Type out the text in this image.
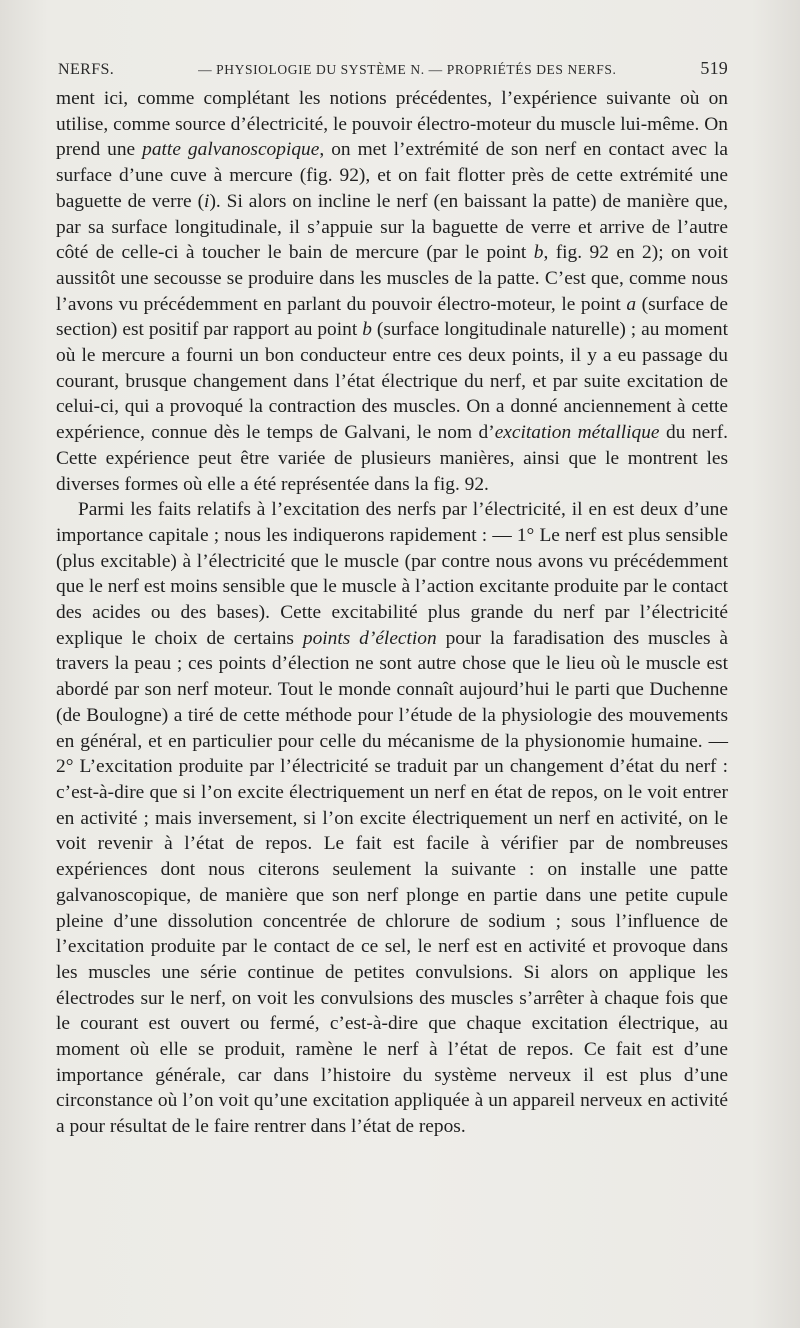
NERFS.	— PHYSIOLOGIE DU SYSTÈME N. — PROPRIÉTÉS DES NERFS.	519

ment ici, comme complétant les notions précédentes, l’expérience suivante où on utilise, comme source d’électricité, le pouvoir électro-moteur du muscle lui-même. On prend une patte galvanoscopique, on met l’extrémité de son nerf en contact avec la surface d’une cuve à mercure (fig. 92), et on fait flotter près de cette extrémité une baguette de verre (i). Si alors on incline le nerf (en baissant la patte) de manière que, par sa surface longitudinale, il s’appuie sur la baguette de verre et arrive de l’autre côté de celle-ci à toucher le bain de mercure (par le point b, fig. 92 en 2); on voit aussitôt une secousse se produire dans les muscles de la patte. C’est que, comme nous l’avons vu précédemment en parlant du pouvoir électro-moteur, le point a (surface de section) est positif par rapport au point b (surface longitudinale naturelle) ; au moment où le mercure a fourni un bon conducteur entre ces deux points, il y a eu passage du courant, brusque changement dans l’état électrique du nerf, et par suite excitation de celui-ci, qui a provoqué la contraction des muscles. On a donné anciennement à cette expérience, connue dès le temps de Galvani, le nom d’excitation métallique du nerf. Cette expérience peut être variée de plusieurs manières, ainsi que le montrent les diverses formes où elle a été représentée dans la fig. 92.

Parmi les faits relatifs à l’excitation des nerfs par l’électricité, il en est deux d’une importance capitale ; nous les indiquerons rapidement : — 1° Le nerf est plus sensible (plus excitable) à l’électricité que le muscle (par contre nous avons vu précédemment que le nerf est moins sensible que le muscle à l’action excitante produite par le contact des acides ou des bases). Cette excitabilité plus grande du nerf par l’électricité explique le choix de certains points d’élection pour la faradisation des muscles à travers la peau ; ces points d’élection ne sont autre chose que le lieu où le muscle est abordé par son nerf moteur. Tout le monde connaît aujourd’hui le parti que Duchenne (de Boulogne) a tiré de cette méthode pour l’étude de la physiologie des mouvements en général, et en particulier pour celle du mécanisme de la physionomie humaine. — 2° L’excitation produite par l’électricité se traduit par un changement d’état du nerf : c’est-à-dire que si l’on excite électriquement un nerf en état de repos, on le voit entrer en activité ; mais inversement, si l’on excite électriquement un nerf en activité, on le voit revenir à l’état de repos. Le fait est facile à vérifier par de nombreuses expériences dont nous citerons seulement la suivante : on installe une patte galvanoscopique, de manière que son nerf plonge en partie dans une petite cupule pleine d’une dissolution concentrée de chlorure de sodium ; sous l’influence de l’excitation produite par le contact de ce sel, le nerf est en activité et provoque dans les muscles une série continue de petites convulsions. Si alors on applique les électrodes sur le nerf, on voit les convulsions des muscles s’arrêter à chaque fois que le courant est ouvert ou fermé, c’est-à-dire que chaque excitation électrique, au moment où elle se produit, ramène le nerf à l’état de repos. Ce fait est d’une importance générale, car dans l’histoire du système nerveux il est plus d’une circonstance où l’on voit qu’une excitation appliquée à un appareil nerveux en activité a pour résultat de le faire rentrer dans l’état de repos.
